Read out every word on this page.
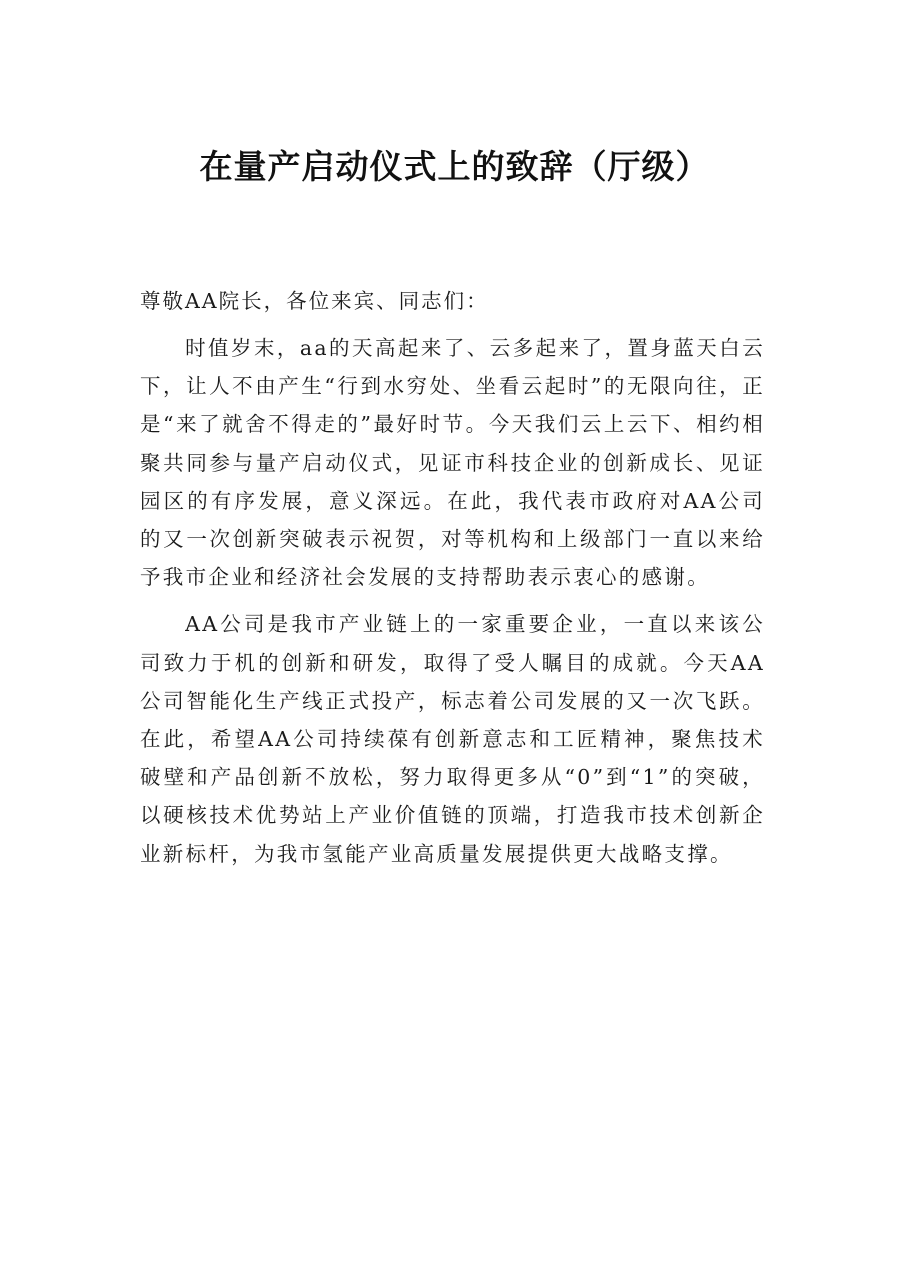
在量产启动仪式上的致辞（厅级）

尊敬AA院长，各位来宾、同志们：

时值岁末，aa的天高起来了、云多起来了，置身蓝天白云下，让人不由产生“行到水穷处、坐看云起时”的无限向往，正是“来了就舍不得走的”最好时节。今天我们云上云下、相约相聚共同参与量产启动仪式，见证市科技企业的创新成长、见证园区的有序发展，意义深远。在此，我代表市政府对AA公司的又一次创新突破表示祝贺，对等机构和上级部门一直以来给予我市企业和经济社会发展的支持帮助表示衷心的感谢。

AA公司是我市产业链上的一家重要企业，一直以来该公司致力于机的创新和研发，取得了受人瞩目的成就。今天AA公司智能化生产线正式投产，标志着公司发展的又一次飞跃。在此，希望AA公司持续葆有创新意志和工匠精神，聚焦技术破壁和产品创新不放松，努力取得更多从“0”到“1”的突破，以硬核技术优势站上产业价值链的顶端，打造我市技术创新企业新标杆，为我市氢能产业高质量发展提供更大战略支撑。
